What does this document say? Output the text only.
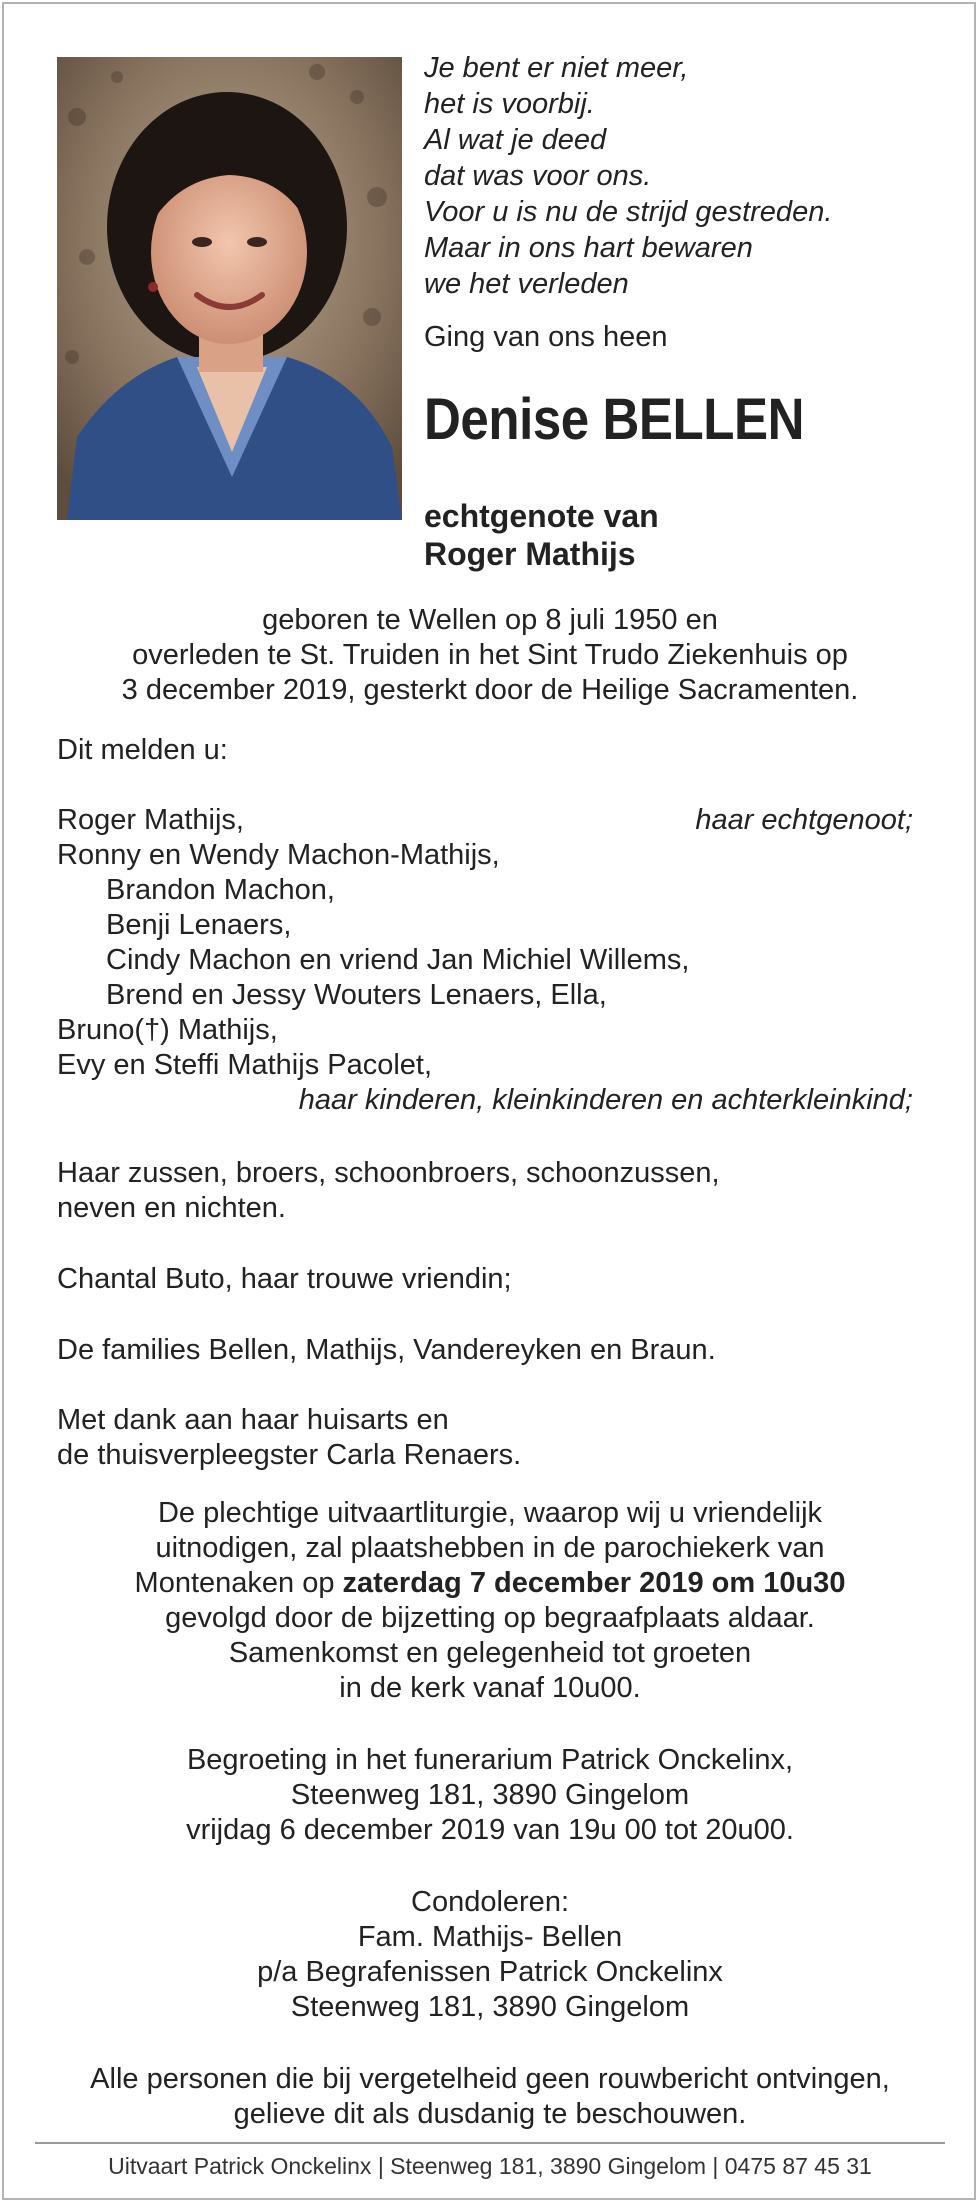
Je bent er niet meer,
het is voorbij.
Al wat je deed
dat was voor ons.
Voor u is nu de strijd gestreden.
Maar in ons hart bewaren
we het verleden
Ging van ons heen
Denise BELLEN
echtgenote van
Roger Mathijs
geboren te Wellen op 8 juli 1950 en
overleden te St. Truiden in het Sint Trudo Ziekenhuis op
3 december 2019, gesterkt door de Heilige Sacramenten.
Dit melden u:
Roger Mathijs,	haar echtgenoot;
Ronny en Wendy Machon-Mathijs,
Brandon Machon,
Benji Lenaers,
Cindy Machon en vriend Jan Michiel Willems,
Brend en Jessy Wouters Lenaers, Ella,
Bruno(†) Mathijs,
Evy en Steffi Mathijs Pacolet,
haar kinderen, kleinkinderen en achterkleinkind;
Haar zussen, broers, schoonbroers, schoonzussen,
neven en nichten.
Chantal Buto, haar trouwe vriendin;
De families Bellen, Mathijs, Vandereyken en Braun.
Met dank aan haar huisarts en
de thuisverpleegster Carla Renaers.
De plechtige uitvaartliturgie, waarop wij u vriendelijk
uitnodigen, zal plaatshebben in de parochiekerk van
Montenaken op zaterdag 7 december 2019 om 10u30
gevolgd door de bijzetting op begraafplaats aldaar.
Samenkomst en gelegenheid tot groeten
in de kerk vanaf 10u00.
Begroeting in het funerarium Patrick Onckelinx,
Steenweg 181, 3890 Gingelom
vrijdag 6 december 2019 van 19u 00 tot 20u00.
Condoleren:
Fam. Mathijs- Bellen
p/a Begrafenissen Patrick Onckelinx
Steenweg 181, 3890 Gingelom
Alle personen die bij vergetelheid geen rouwbericht ontvingen,
gelieve dit als dusdanig te beschouwen.
Uitvaart Patrick Onckelinx | Steenweg 181, 3890 Gingelom | 0475 87 45 31
